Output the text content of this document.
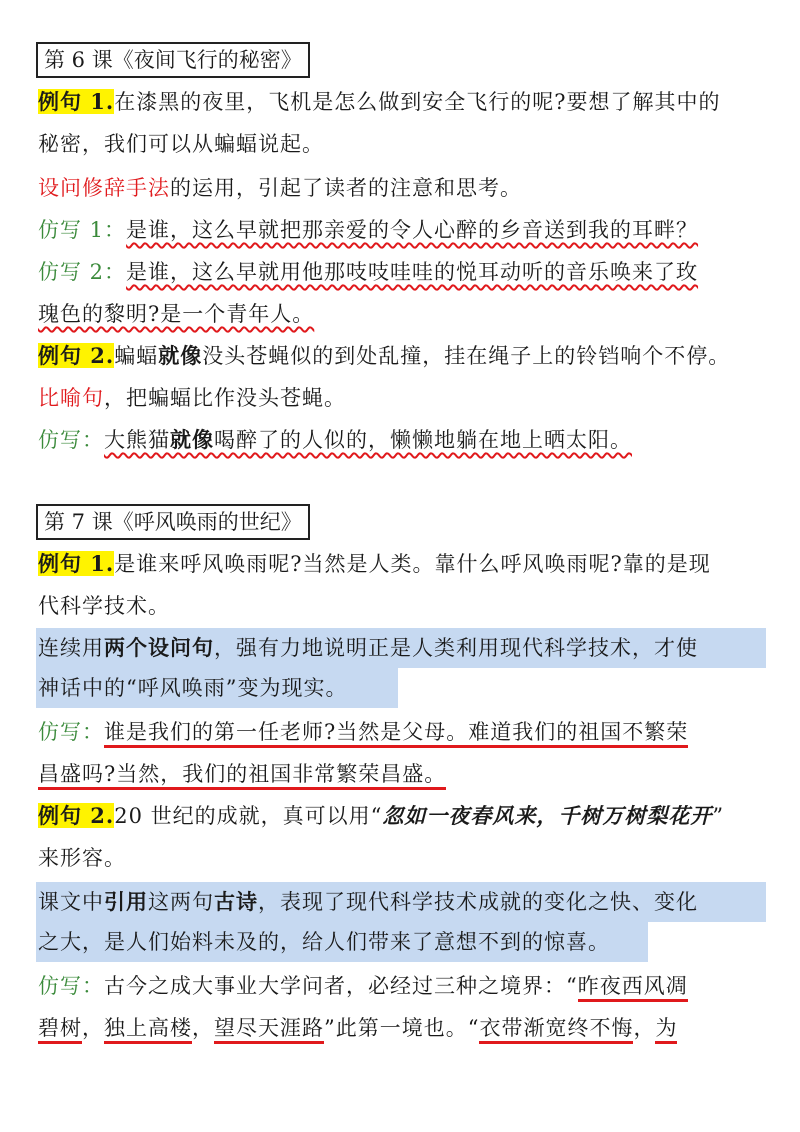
第 6 课《夜间飞行的秘密》
例句 1.在漆黑的夜里，飞机是怎么做到安全飞行的呢?要想了解其中的
秘密，我们可以从蝙蝠说起。
设问修辞手法的运用，引起了读者的注意和思考。
仿写 1：是谁，这么早就把那亲爱的令人心醉的乡音送到我的耳畔？
仿写 2：是谁，这么早就用他那吱吱哇哇的悦耳动听的音乐唤来了玫
瑰色的黎明?是一个青年人。
例句 2.蝙蝠就像没头苍蝇似的到处乱撞，挂在绳子上的铃铛响个不停。
比喻句，把蝙蝠比作没头苍蝇。
仿写：大熊猫就像喝醉了的人似的，懒懒地躺在地上晒太阳。
第 7 课《呼风唤雨的世纪》
例句 1.是谁来呼风唤雨呢?当然是人类。靠什么呼风唤雨呢?靠的是现
代科学技术。
连续用两个设问句，强有力地说明正是人类利用现代科学技术，才使
神话中的“呼风唤雨”变为现实。
仿写：谁是我们的第一任老师?当然是父母。难道我们的祖国不繁荣
昌盛吗?当然，我们的祖国非常繁荣昌盛。
例句 2.20 世纪的成就，真可以用“忽如一夜春风来，千树万树梨花开”
来形容。
课文中引用这两句古诗，表现了现代科学技术成就的变化之快、变化
之大，是人们始料未及的，给人们带来了意想不到的惊喜。
仿写：古今之成大事业大学问者，必经过三种之境界：“昨夜西风凋
碧树，独上高楼，望尽天涯路”此第一境也。“衣带渐宽终不悔，为
